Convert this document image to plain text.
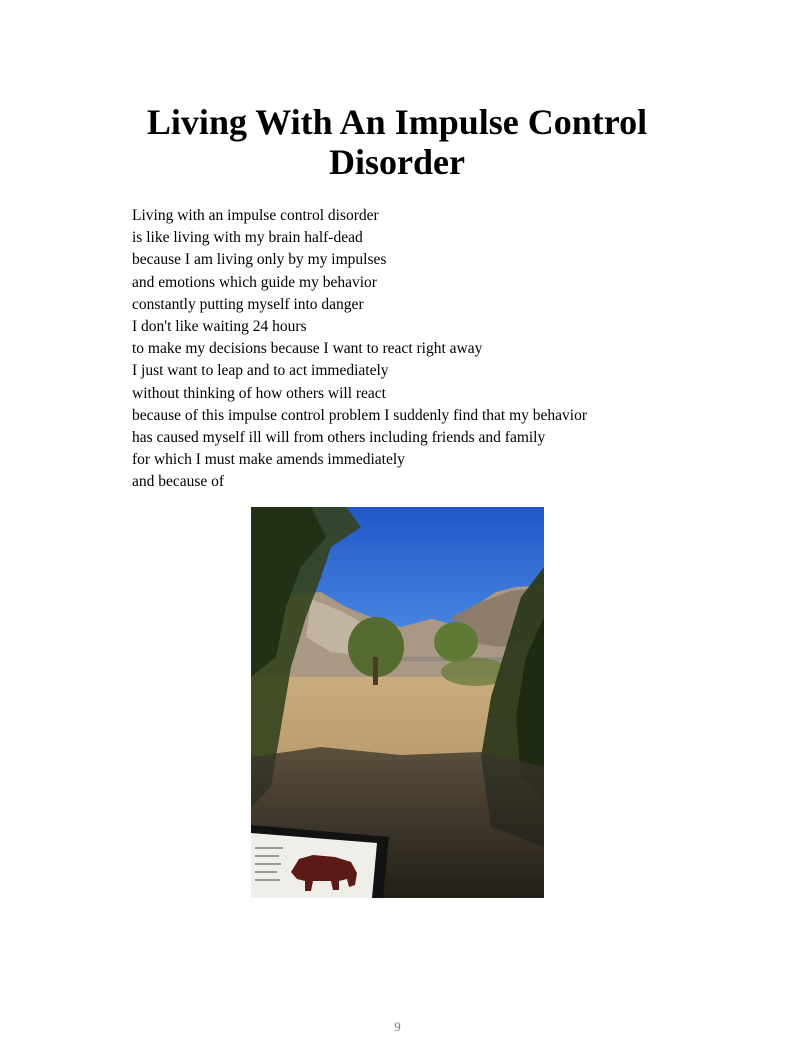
Living With An Impulse Control Disorder
Living with an impulse control disorder
is like living with my brain half-dead
because I am living only by my impulses
and emotions which guide my behavior
constantly putting myself into danger
I don't like waiting 24 hours
to make my decisions because I want to react right away
I just want to leap and to act immediately
without thinking of how others will react
because of this impulse control problem I suddenly find that my behavior
has caused myself ill will from others including friends and family
for which I must make amends immediately
and because of
9
